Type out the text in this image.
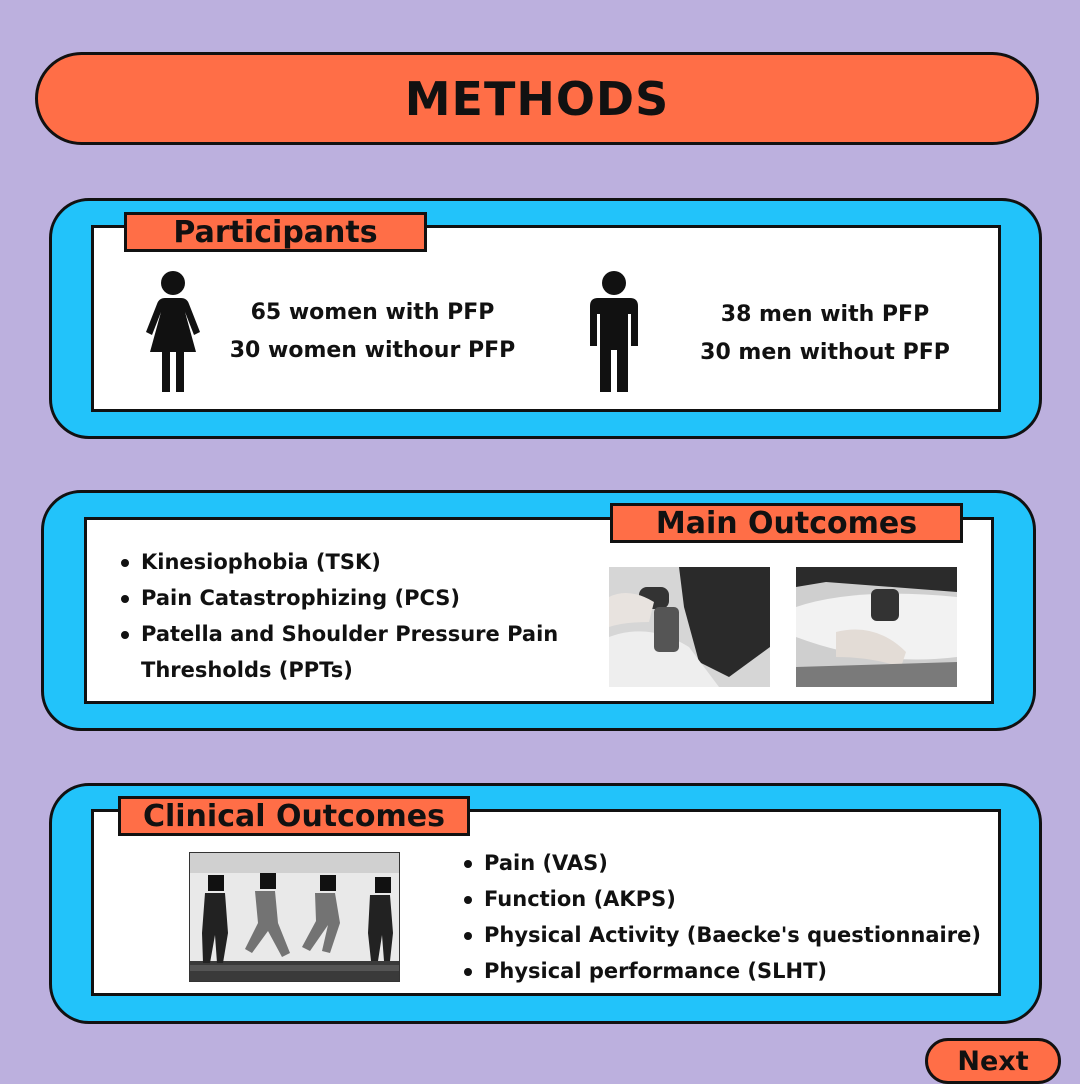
METHODS
Participants
65 women with PFP
30 women withour PFP
38 men with PFP
30 men without PFP
Main Outcomes
Kinesiophobia (TSK)
Pain Catastrophizing (PCS)
Patella and Shoulder Pressure Pain Thresholds (PPTs)
Clinical Outcomes
Pain (VAS)
Function (AKPS)
Physical Activity (Baecke's questionnaire)
Physical performance (SLHT)
Next
